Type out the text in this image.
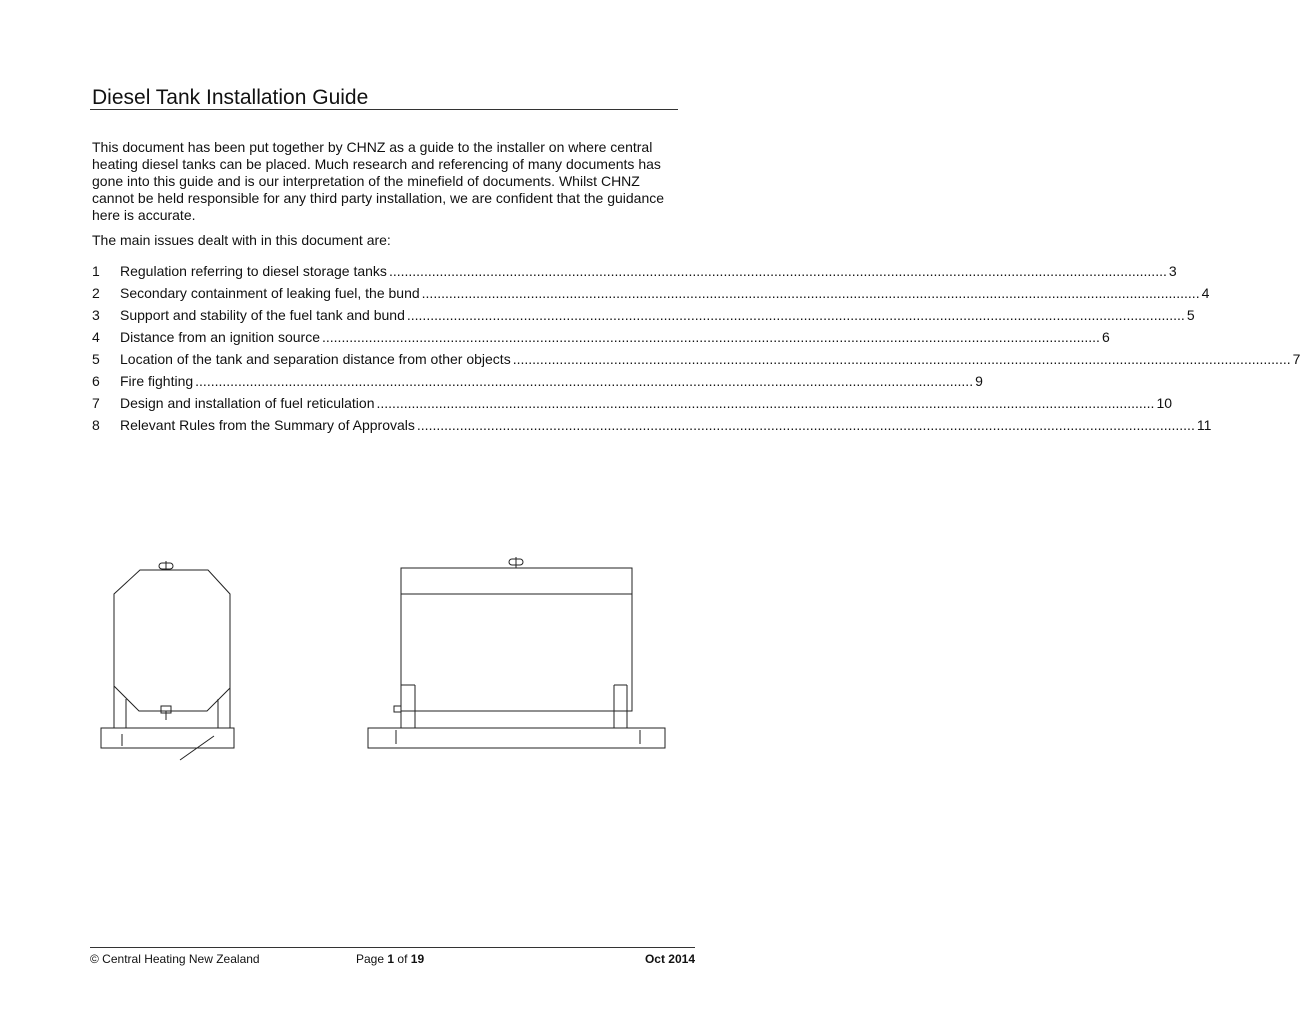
Diesel Tank Installation Guide

This document has been put together by CHNZ as a guide to the installer on where central heating diesel tanks can be placed. Much research and referencing of many documents has gone into this guide and is our interpretation of the minefield of documents. Whilst CHNZ cannot be held responsible for any third party installation, we are confident that the guidance here is accurate.

The main issues dealt with in this document are:

1	Regulation referring to diesel storage tanks ........................................................................................................................................................................................................ 3
2	Secondary containment of leaking fuel, the bund ........................................................................................................................................................................................................ 4
3	Support and stability of the fuel tank and bund ........................................................................................................................................................................................................ 5
4	Distance from an ignition source ........................................................................................................................................................................................................ 6
5	Location of the tank and separation distance from other objects ........................................................................................................................................................................................................ 7
6	Fire fighting ........................................................................................................................................................................................................ 9
7	Design and installation of fuel reticulation ........................................................................................................................................................................................................ 10
8	Relevant Rules from the Summary of Approvals ........................................................................................................................................................................................................ 11
© Central Heating New Zealand	Page 1 of 19	Oct 2014
